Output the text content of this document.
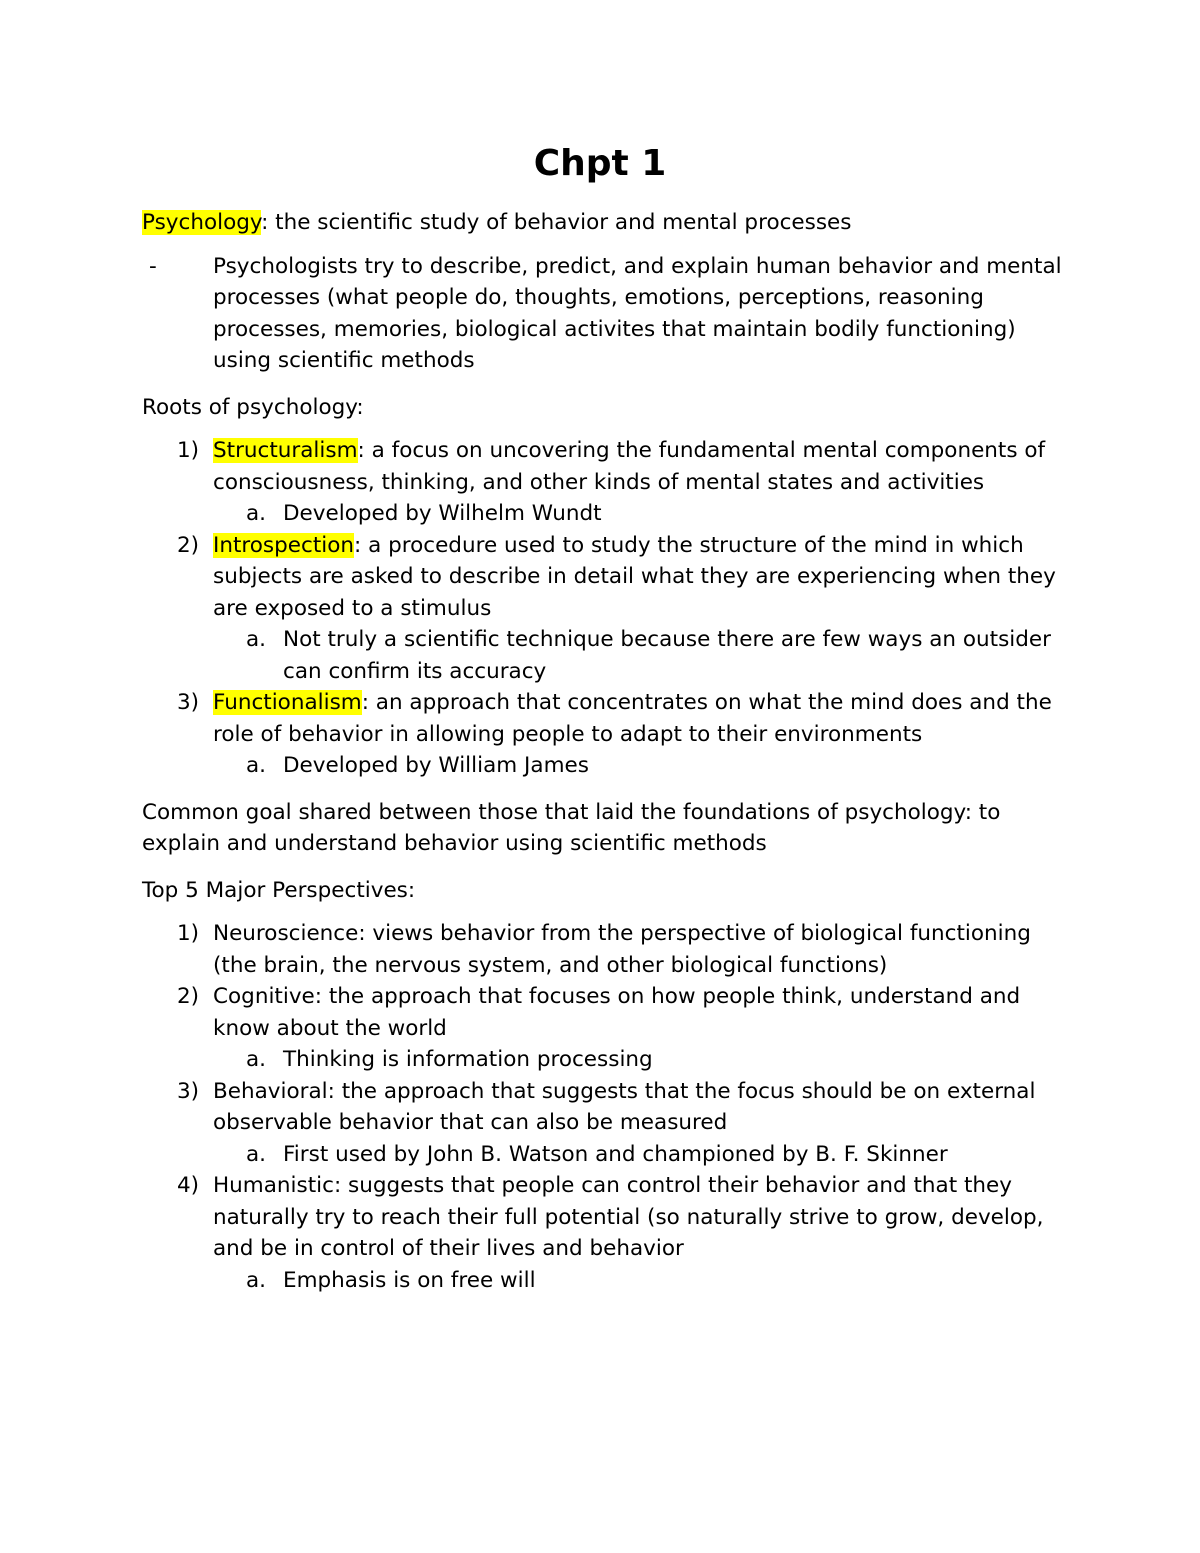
Chpt 1

Psychology: the scientific study of behavior and mental processes

-	Psychologists try to describe, predict, and explain human behavior and mental processes (what people do, thoughts, emotions, perceptions, reasoning processes, memories, biological activites that maintain bodily functioning) using scientific methods

Roots of psychology:

1) Structuralism: a focus on uncovering the fundamental mental components of consciousness, thinking, and other kinds of mental states and activities
a. Developed by Wilhelm Wundt
2) Introspection: a procedure used to study the structure of the mind in which subjects are asked to describe in detail what they are experiencing when they are exposed to a stimulus
a. Not truly a scientific technique because there are few ways an outsider can confirm its accuracy
3) Functionalism: an approach that concentrates on what the mind does and the role of behavior in allowing people to adapt to their environments
a. Developed by William James

Common goal shared between those that laid the foundations of psychology: to explain and understand behavior using scientific methods

Top 5 Major Perspectives:

1) Neuroscience: views behavior from the perspective of biological functioning (the brain, the nervous system, and other biological functions)
2) Cognitive: the approach that focuses on how people think, understand and know about the world
a. Thinking is information processing
3) Behavioral: the approach that suggests that the focus should be on external observable behavior that can also be measured
a. First used by John B. Watson and championed by B. F. Skinner
4) Humanistic: suggests that people can control their behavior and that they naturally try to reach their full potential (so naturally strive to grow, develop, and be in control of their lives and behavior
a. Emphasis is on free will
